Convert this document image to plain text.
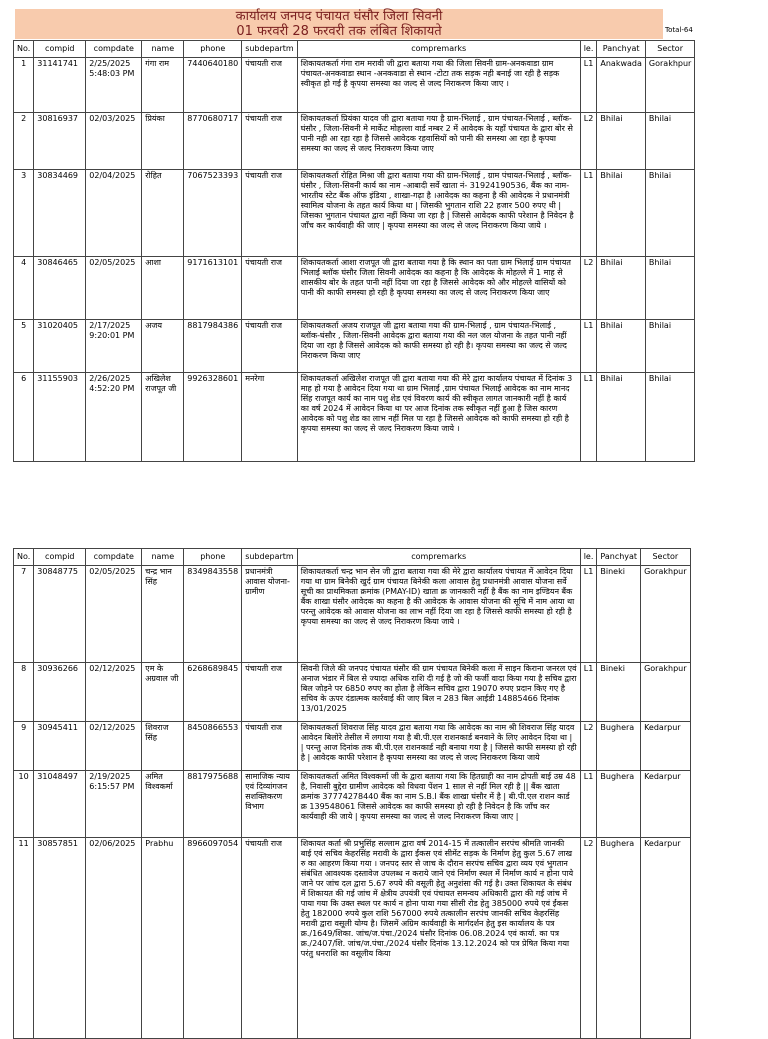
कार्यालय जनपद पंचायत घंसौर जिला सिवनी
01 फरवरी 28 फरवरी तक लंबित शिकायते	Total-64
No.	compid	compdate	name	phone	subdepartm	compremarks	le.	Panchyat	Sector
1	31141741	2/25/2025 5:48:03 PM	गंगा राम	7440640180	पंचायती राज	शिकायतकर्ता गंगा राम मरावी जी द्वारा बताया गया की जिला सिवनी ग्राम-अनकवाडा ग्राम पंचायत-अनकवाडा स्थान -अनकवाडा से स्थान -टोटा तक सड़क नही बनाई जा रही है सड़क स्वीकृत हो गई है कृपया समस्या का जल्द से जल्द निराकरण किया जाए ।	L1	Anakwada	Gorakhpur
2	30816937	02/03/2025	प्रियंका	8770680717	पंचायती राज	शिकायतकर्ता प्रियंका यादव जी द्वारा बताया गया है ग्राम-भिलाई , ग्राम पंचायत-भिलाई , ब्लॉक- घंसौर , जिला-सिवनी मे मार्केट मोहल्ला वार्ड नम्बर 2 में आवेदक के यहाँ पंचायत के द्वारा बोर से पानी नही आ रहा रहा है जिससे आवेदक रहवासियों को पानी की समस्या आ रहा है कृपया समस्या का जल्द से जल्द निराकरण किया जाए	L2	Bhilai	Bhilai
3	30834469	02/04/2025	रोहित	7067523393	पंचायती राज	शिकायतकर्ता रोहित मिश्रा जी द्वारा बताया गया की ग्राम-भिलाई , ग्राम पंचायत-भिलाई , ब्लॉक-घंसौर , जिला-सिवनी कार्य का नाम -आबादी सर्वे खाता नं- 31924190536, बैंक का नाम-भारतीय स्टेट बैंक ऑफ इंडिया , शाखा-गढ़ा है ।आवेदक का कहना है की आवेदक ने प्रधानमंत्री स्वामित्व योजना के तहत कार्य किया था | जिसकी भुगतान राशि 22 हजार 500 रुपए थी | जिसका भुगतान पंचायत द्वारा नहीं किया जा रहा है | जिससे आवेदक काफी परेशान है निवेदन है जाँच कर कार्यवाही की जाए | कृपया समस्या का जल्द से जल्द निराकरण किया जाये ।	L1	Bhilai	Bhilai
4	30846465	02/05/2025	आशा	9171613101	पंचायती राज	शिकायतकर्ता आशा राजपूत जी द्वारा बताया गया है कि स्थान का पता ग्राम भिलाई ग्राम पंचायत भिलाई ब्लॉक घंसौर जिला सिवनी आवेदक का कहना है कि आवेदक के मोहल्ले में 1 माह से शासकीय बोर के तहत पानी नहीं दिया जा रहा है जिससे आवेदक को और मोहल्ले वासियों को पानी की काफी समस्या हो रही है कृपया समस्या का जल्द से जल्द निराकरण किया जाए	L2	Bhilai	Bhilai
5	31020405	2/17/2025 9:20:01 PM	अजय	8817984386	पंचायती राज	शिकायतकर्ता अजय राजपूत जी द्वारा बताया गया की ग्राम-भिलाई , ग्राम पंचायत-भिलाई , ब्लॉक-घंसौर , जिला-सिवनी आवेदक द्वारा बताया गया की नल जल योजना के तहत पानी नहीं दिया जा रहा है जिससे आवेदक को काफी समस्या हो रही है। कृपया समस्या का जल्द से जल्द निराकरण किया जाए	L1	Bhilai	Bhilai
6	31155903	2/26/2025 4:52:20 PM	अखिलेश राजपूत जी	9926328601	मनरेगा	शिकायतकर्ता अखिलेश राजपूत जी द्वारा बताया गया की मेरे द्वारा कार्यालय पंचायत में दिनांक 3 माह हो गया है आवेदन दिया गया था ग्राम भिलाई ,ग्राम पंचायत भिलाई आवेदक का नाम मानद सिंह राजपूत कार्य का नाम पशु शेड एवं विवरण कार्य की स्वीकृत लागत जानकारी नहीं है कार्य का वर्ष 2024 में आवेदन किया था पर आज दिनांक तक स्वीकृत नहीं हुआ है जिस कारण आवेदक को पशु शेड का लाभ नहीं मिल पा रहा है जिससे आवेदक को काफी समस्या हो रही है कृपया समस्या का जल्द से जल्द निराकरण किया जाये ।	L1	Bhilai	Bhilai
No.	compid	compdate	name	phone	subdepartm	compremarks	le.	Panchyat	Sector
7	30848775	02/05/2025	चन्द्र भान सिंह	8349843558	प्रधानमंत्री आवास योजना-ग्रामीण	शिकायतकर्ता चन्द्र भान सेन जी द्वारा बताया गया की मेरे द्वारा कार्यालय पंचायत में आवेदन दिया गया था ग्राम बिनेकी खुर्द ग्राम पंचायत बिनेकी कला आवास हेतु प्रधानमंत्री आवास योजना सर्वे सूची का प्राथमिकता क्रमांक (PMAY-ID) खाता क्र जानकारी नहीं है बैंक का नाम इण्डियन बैंक बैंक शाखा घंसौर आवेदक का कहना है की आवेदक के आवास योजना की सूचि में नाम आया था परन्तु आवेदक को आवास योजना का लाभ नहीं दिया जा रहा है जिससे काफी समस्या हो रही है कृपया समस्या का जल्द से जल्द निराकरण किया जाये ।	L1	Bineki	Gorakhpur
8	30936266	02/12/2025	एम के अग्रवाल जी	6268689845	पंचायती राज	सिवनी जिले की जनपद पंचायत घंसौर की ग्राम पंचायत बिनेकी कला में साइन किराना जनरल एवं अनाज भंडार में बिल से ज्यादा अधिक राशि दी गई है जो की फर्जी वादा किया गया है सचिव द्वारा बिल जोड़ने पर 6850 रुपए का होता है लेकिन सचिव द्वारा 19070 रुपए प्रदान किए गए है सचिव के ऊपर दंडात्मक कार्रवाई की जाए बिल न 283 बिल आईडी 14885466 दिनांक 13/01/2025	L1	Bineki	Gorakhpur
9	30945411	02/12/2025	शिवराज सिंह	8450866553	पंचायती राज	शिकायतकर्ता शिवराज सिंह यादव द्वारा बताया गया कि आवेदक का नाम श्री शिवराज सिंह यादव आवेदन बिलोरे तेसील में लगाया गया है बी.पी.एल राशनकार्ड बनवाने के लिए आवेदन दिया था | | परन्तु आज दिनांक तक बी.पी.एल राशनकार्ड नही बनाया गया है | जिससे काफी समस्या हो रही है | आवेदक काफी परेशान है कृपया समस्या का जल्द से जल्द निराकरण किया जाये	L2	Bughera	Kedarpur
10	31048497	2/19/2025 6:15:57 PM	अमित विश्वकर्मा	8817975688	सामाजिक न्याय एवं दिव्यांगजन सशक्तिकरण विभाग	शिकायतकर्ता अमित विश्वकर्मा जी के द्वारा बताया गया कि हितग्राही का नाम द्रोपती बाई उम्र 48 है, निवासी बुद्देरा ग्रामीण आवेदक को विधवा पेंशन 1 साल से नहीं मिल रही है || बैंक खाता क्रमांक 37774278440 बैंक का नाम S.B.I बैंक शाखा घंसौर में है | बी.पी.एल राशन कार्ड क्र 139548061 जिससे आवेदक का काफी समस्या हो रही है निवेदन है कि जाँच कर कार्यवाही की जाये | कृपया समस्या का जल्द से जल्द निराकरण किया जाए |	L1	Bughera	Kedarpur
11	30857851	02/06/2025	Prabhu	8966097054	पंचायती राज	शिकायत कर्ता श्री प्रभुसिंह सल्लाम द्वारा वर्ष 2014-15 में तत्कालीन सरपंच श्रीमति जानकी बाई एवं सचिव केहरसिंह मरावी के द्वारा ईंकस एवं सीमेंट सड़क के निर्माण हेतु कुल 5.67 लाख रु का आहरण किया गया । जनपद स्तर से जाच के दौरान सरपंच सचिव द्वारा व्यय एवं भुगतान संबंधित आवश्यक दस्तावेज उपलब्ध न कराये जाने एवं निर्माण स्थल में निर्माण कार्य न होना पाये जाने पर जांच दल द्वारा 5.67 रुपये की वसूली हेतु अनुशंसा की गई है। उक्त शिकायत के संबंध में शिकायत की गई जांच में क्षेत्रीय उपयंत्री एवं पंचायत समन्वय अधिकारी द्वारा की गई जांच में पाया गया कि उक्त स्थल पर कार्य न होना पाया गया सीसी रोड हेतु 385000 रुपये एवं ईंकस हेतु 182000 रुपये कुल राशि 567000 रुपये तत्कालीन सरपंच जानकी सचिव केहरसिंह मरावी द्वारा वसूली योग्य है। जिसमें अग्रिम कार्यवाही के मार्गदर्शन हेतु इस कार्यालय के पत्र क्र./1649/शिका. जांच/ज.पंचा./2024 घंसौर दिनांक 06.08.2024 एवं कार्या. का पत्र क्र./2407/शि. जांच/ज.पंचा./2024 घंसौर दिनांक 13.12.2024 को पत्र प्रेषित किया गया परंतु धनराशि का वसूलीय किया	L2	Bughera	Kedarpur
